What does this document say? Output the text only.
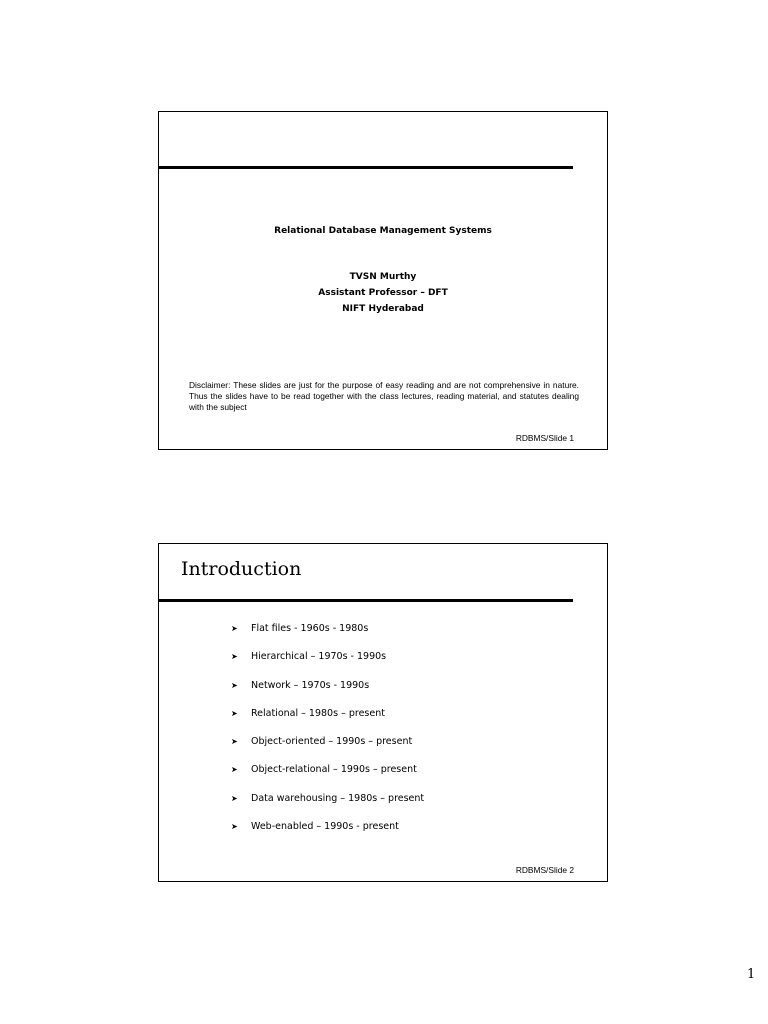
Relational Database Management Systems
TVSN Murthy
Assistant Professor – DFT
NIFT Hyderabad
Disclaimer: These slides are just for the purpose of easy reading and are not comprehensive in nature. Thus the slides have to be read together with the class lectures, reading material, and statutes dealing with the subject
RDBMS/Slide 1
Introduction
➤	Flat files - 1960s - 1980s
➤	Hierarchical – 1970s - 1990s
➤	Network – 1970s - 1990s
➤	Relational – 1980s – present
➤	Object-oriented – 1990s – present
➤	Object-relational – 1990s – present
➤	Data warehousing – 1980s – present
➤	Web-enabled – 1990s - present
RDBMS/Slide 2
1
